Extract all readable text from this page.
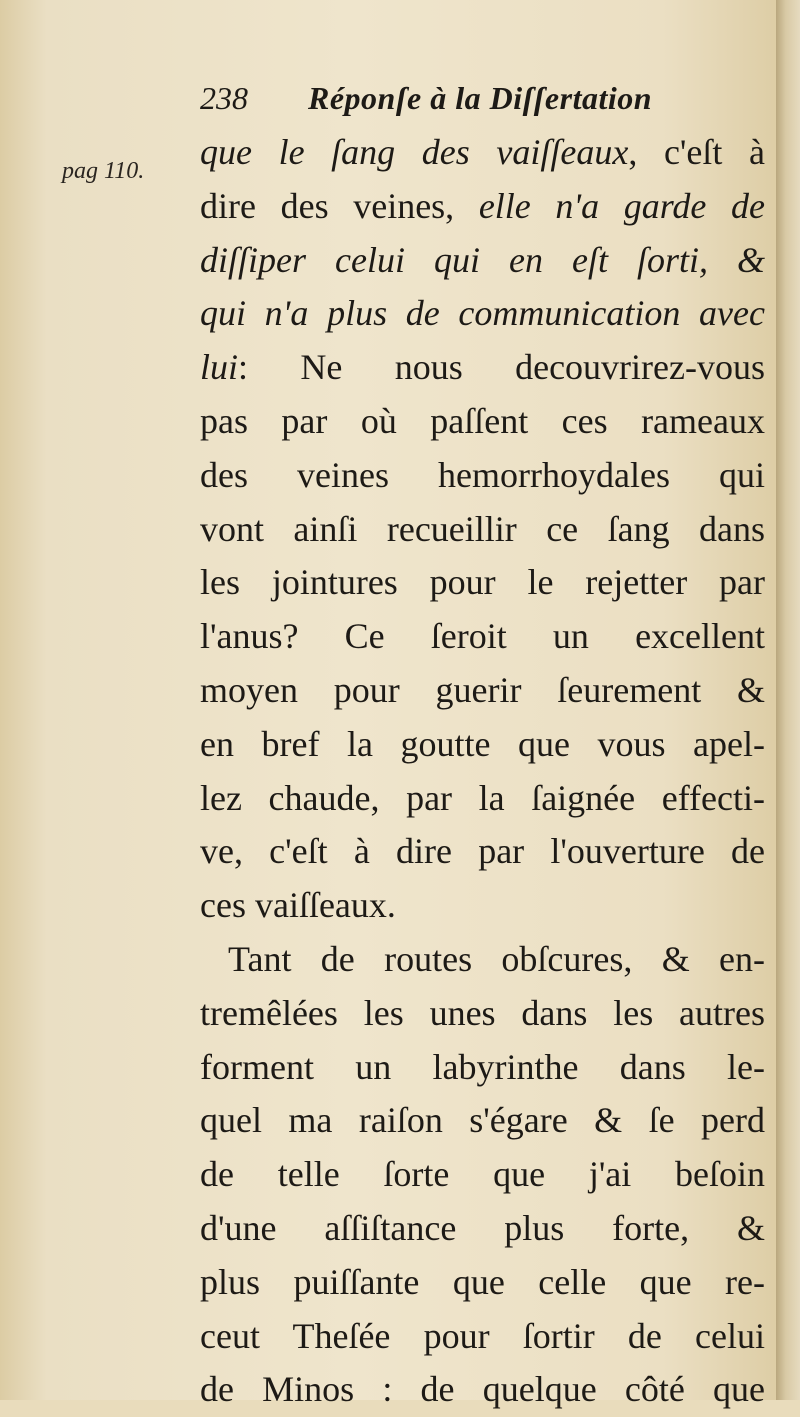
238 Réponſe à la Diſſertation
pag 110. que le ſang des vaiſſeaux, c'eſt à
dire des veines, elle n'a garde de
diſſiper celui qui en eſt ſorti, &
qui n'a plus de communication avec
lui: Ne nous decouvrirez-vous
pas par où paſſent ces rameaux
des veines hemorrhoydales qui
vont ainſi recueillir ce ſang dans
les jointures pour le rejetter par
l'anus? Ce ſeroit un excellent
moyen pour guerir ſeurement &
en bref la goutte que vous apel-
lez chaude, par la ſaignée effecti-
ve, c'eſt à dire par l'ouverture de
ces vaiſſeaux.
Tant de routes obſcures, & en-
tremêlées les unes dans les autres
forment un labyrinthe dans le-
quel ma raiſon s'égare & ſe perd
de telle ſorte que j'ai beſoin
d'une aſſiſtance plus forte, &
plus puiſſante que celle que re-
ceut Theſée pour ſortir de celui
de Minos : de quelque côté que
